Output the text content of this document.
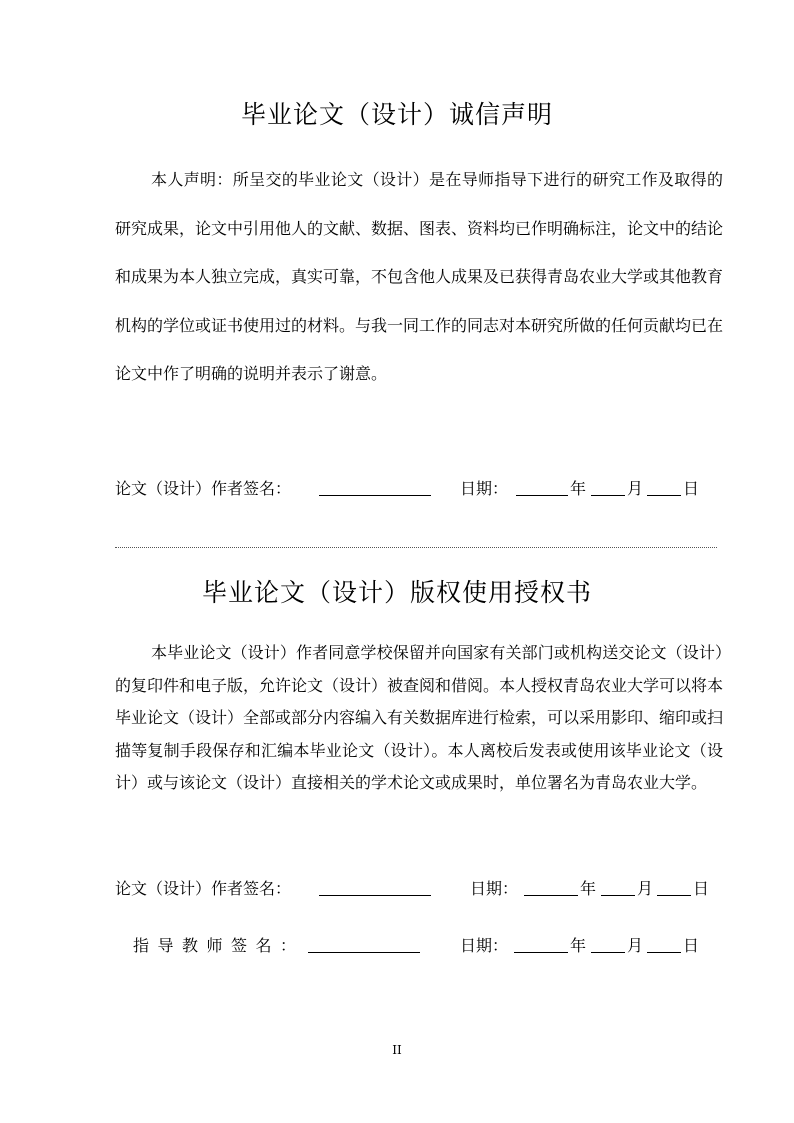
毕业论文（设计）诚信声明

本人声明：所呈交的毕业论文（设计）是在导师指导下进行的研究工作及取得的研究成果，论文中引用他人的文献、数据、图表、资料均已作明确标注，论文中的结论和成果为本人独立完成，真实可靠，不包含他人成果及已获得青岛农业大学或其他教育机构的学位或证书使用过的材料。与我一同工作的同志对本研究所做的任何贡献均已在论文中作了明确的说明并表示了谢意。

论文（设计）作者签名：	日期：	年	月 日
毕业论文（设计）版权使用授权书

本毕业论文（设计）作者同意学校保留并向国家有关部门或机构送交论文（设计）的复印件和电子版，允许论文（设计）被查阅和借阅。本人授权青岛农业大学可以将本毕业论文（设计）全部或部分内容编入有关数据库进行检索，可以采用影印、缩印或扫描等复制手段保存和汇编本毕业论文（设计）。本人离校后发表或使用该毕业论文（设计）或与该论文（设计）直接相关的学术论文或成果时，单位署名为青岛农业大学。

论文（设计）作者签名：	日期：	年	月 日
指导教师签名：	日期：	年	月 日
II
